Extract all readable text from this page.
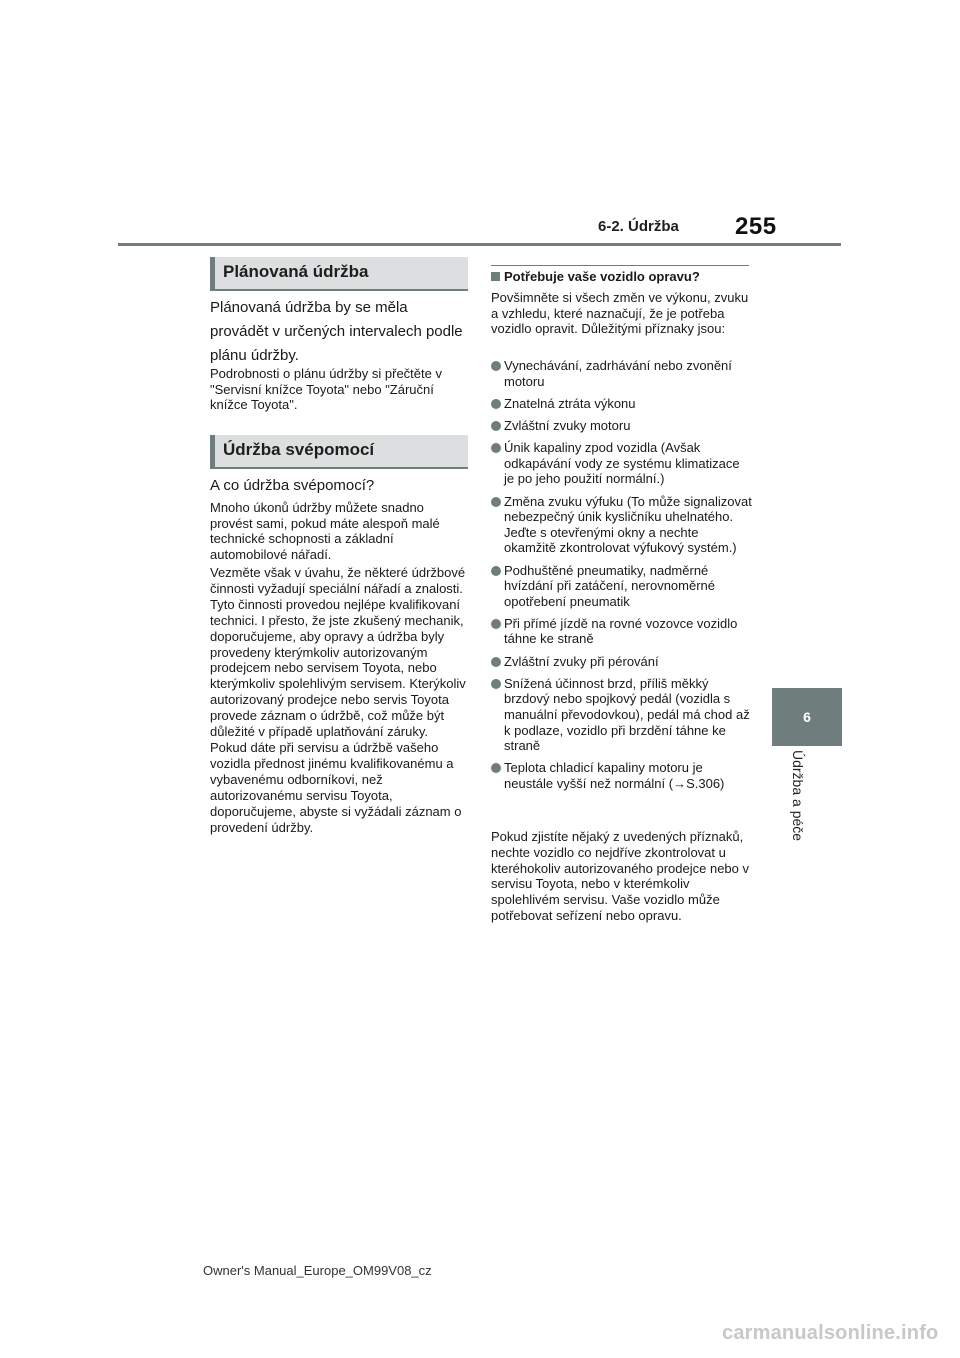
6-2. Údržba 255
6
Údržba a péče
Plánovaná údržba
Plánovaná údržba by se měla provádět v určených intervalech podle plánu údržby.
Podrobnosti o plánu údržby si přečtěte v "Servisní knížce Toyota" nebo "Záruční knížce Toyota".
Údržba svépomocí
A co údržba svépomocí?
Mnoho úkonů údržby můžete snadno provést sami, pokud máte alespoň malé technické schopnosti a základní automobilové nářadí.
Vezměte však v úvahu, že některé údržbové činnosti vyžadují speciální nářadí a znalosti. Tyto činnosti provedou nejlépe kvalifikovaní technici. I přesto, že jste zkušený mechanik, doporučujeme, aby opravy a údržba byly provedeny kterýmkoliv autorizovaným prodejcem nebo servisem Toyota, nebo kterýmkoliv spolehlivým servisem. Kterýkoliv autorizovaný prodejce nebo servis Toyota provede záznam o údržbě, což může být důležité v případě uplatňování záruky. Pokud dáte při servisu a údržbě vašeho vozidla přednost jinému kvalifikovanému a vybavenému odborníkovi, než autorizovanému servisu Toyota, doporučujeme, abyste si vyžádali záznam o provedení údržby.
Potřebuje vaše vozidlo opravu?
Povšimněte si všech změn ve výkonu, zvuku a vzhledu, které naznačují, že je potřeba vozidlo opravit. Důležitými příznaky jsou:
Vynechávání, zadrhávání nebo zvonění motoru
Znatelná ztráta výkonu
Zvláštní zvuky motoru
Únik kapaliny zpod vozidla (Avšak odkapávání vody ze systému klimatizace je po jeho použití normální.)
Změna zvuku výfuku (To může signalizovat nebezpečný únik kysličníku uhelnatého. Jeďte s otevřenými okny a nechte okamžitě zkontrolovat výfukový systém.)
Podhuštěné pneumatiky, nadměrné hvízdání při zatáčení, nerovnoměrné opotřebení pneumatik
Při přímé jízdě na rovné vozovce vozidlo táhne ke straně
Zvláštní zvuky při pérování
Snížená účinnost brzd, příliš měkký brzdový nebo spojkový pedál (vozidla s manuální převodovkou), pedál má chod až k podlaze, vozidlo při brzdění táhne ke straně
Teplota chladicí kapaliny motoru je neustále vyšší než normální (→S.306)
Pokud zjistíte nějaký z uvedených příznaků, nechte vozidlo co nejdříve zkontrolovat u kteréhokoliv autorizovaného prodejce nebo v servisu Toyota, nebo v kterémkoliv spolehlivém servisu. Vaše vozidlo může potřebovat seřízení nebo opravu.
Owner's Manual_Europe_OM99V08_cz
carmanualsonline.info
